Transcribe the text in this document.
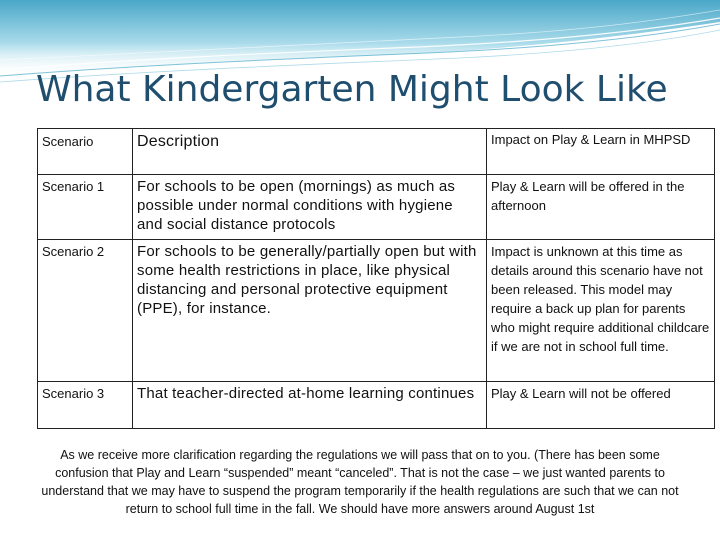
What Kindergarten Might Look Like
Scenario	Description	Impact on Play & Learn in MHPSD
Scenario 1	For schools to be open (mornings) as much as possible under normal conditions with hygiene and social distance protocols	Play & Learn will be offered in the afternoon
Scenario 2	For schools to be generally/partially open but with some health restrictions in place, like physical distancing and personal protective equipment (PPE), for instance.	Impact is unknown at this time as details around this scenario have not been released. This model may require a back up plan for parents who might require additional childcare if we are not in school full time.
Scenario 3	That teacher-directed at-home learning continues	Play & Learn will not be offered
As we receive more clarification regarding the regulations we will pass that on to you. (There has been some confusion that Play and Learn “suspended” meant “canceled”. That is not the case – we just wanted parents to understand that we may have to suspend the program temporarily if the health regulations are such that we can not return to school full time in the fall. We should have more answers around August 1st
